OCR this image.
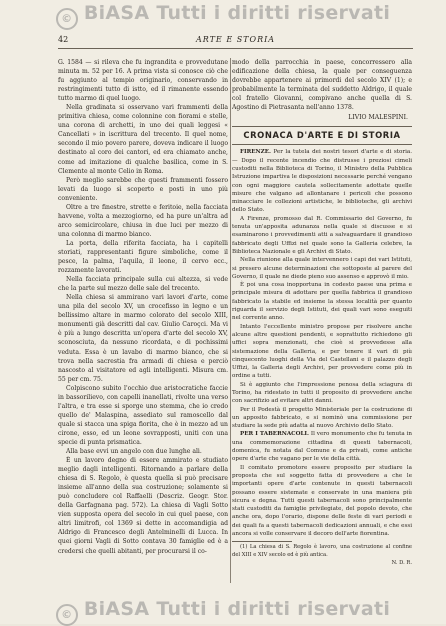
© BiASA Tutti i diritti riservati
42	ARTE E STORIA

G. 1584 — si rileva che fu ingrandita e provvedutane minuta m. 52 per 16. A prima vista si conosce ciò che fu aggiunto al tempio originario, conservando in restringimenti tutto di istto, ed il rimanente essendo tutto marmo di quel luogo.

Nella gradinata si osservano vari frammenti della primitiva chiesa, come colonnine con fiorami e stelle, una corona di archetti, in uno dei quali leggesi « Cancellati » in iscrittura del trecento. Il quel nome, secondo il mio povero parere, doveva indicare il luogo destinato al coro dei cantori, ed era chiamato anche, come ad imitazione di qualche basilica, come in S. Clemente al monte Celio in Roma.

Però meglio sarebbe che questi frammenti fossero levati da luogo sì scoperto e posti in uno più conveniente.

Oltre a tre finestre, strette e feritoie, nella facciata havvene, volta a mezzogiorno, ed ha pure un'altra ad arco semicircolare, chiusa in due luci per mezzo di una colonna di marmo bianco.

La porta, della riferita facciata, ha i capitelli storiati, rappresentanti figure simboliche, come il pesce, la palma, l'aquila, il leone, il cervo ecc., rozzamente lavorati.

Nella facciata principale sulla cui altezza, si vede che la parte sul mezzo delle sale del trecento.

Nella chiesa si ammirano vari lavori d'arte, come una pila del secolo XV, un crocefisso in legno e un bellissimo altare in marmo colorato del secolo XIII, monumenti già descritti dal cav. Giulio Caroçci. Ma vi è più a lungo descritta un'opera d'arte del secolo XV, sconosciuta, da nessuno ricordata, e di pochissimi vedutа. Essa è un lavabo di marmo bianco, che si trova nella sacrestia fra armadi di chiesa e perciò nascosto al visitatore ed agli intelligenti. Misura cm. 55 per cm. 75.

Colpiscono subito l'occhio due aristocratiche faccie in bassorilievo, con capelli inanellati, rivolte una verso l'altra, e tra esse si sporge uno stemma, che io credo quello de' Malaspina, assediato sul ramoscello dal quale si stacca una spiga fiorita, che è in mezzo ad un cirone, esso, ed un leone sovrapposti, uniti con una specie di punta prismatica.

Alla base evvi un angelo con due lunghe ali.

È un lavoro degno di essere ammirato e studiato meglio dagli intelligenti. Ritornando a parlare della chiesa di S. Regolo, è questa quella sì può precisare insieme all'anno della sua costruzione; solamente si può concludere col Raffaelli (Descriz. Geogr. Stor. della Garfagnana pag. 572). La chiesa di Vagli Sotto vien supposta opera del secolo in cui quel paese, con altri limitrofi, col 1369 si dette in accomandigia ad Aldrigo di Francesco degli Antelminelli di Lucca. In quei giorni Vagli di Sotto contava 30 famiglie ed è a credersi che quelli abitanti, per procurarsi il co-

modo della parrocchia in paese, concorressero alla edificazione della chiesa, la quale per conseguenza dovrebbe appartenere ai primordi del secolo XIV (1); e probabilmente la terminata del suddetto Aldrigo, il quale col fratello Giovanni, compivano anche quella di S. Agostino di Pietrasanta nell'anno 1378.

LIVIO MALESPINI.
CRONACA D'ARTE E DI STORIA

FIRENZE. Per la tutela dei nostri tesori d'arte e di storia. — Dopo il recente incendio che distrusse i preziosi cimeli custoditi nella Biblioteca di Torino, il Ministro della Pubblica Istruzione impartiva le disposizioni necessarie perché vengano con ogni maggiore cautela sollecitamente adottate quelle misure che valgano ad allontanare i pericoli che possono minacciare le collezioni artistiche, le biblioteche, gli archivi dello Stato.

A Firenze, promosso dal R. Commissario del Governo, fu tenuta un'apposita adunanza nella quale si discusse e si esaminarono i provvedimenti atti a salvaguardare il grandioso fabbricato degli Uffizi nel quale sono la Galleria celebre, la Biblioteca Nazionale e gli Archivi di Stato.

Nella riunione alla quale intervennero i capi dei vari Istituti, si presero alcune determinazioni che sottoposte al parere del Governo, il quale ne diede pieno suo assenso e approvò il mio.

È poi una cosa inopportuna in codesto paese una prima e principale misura di adottare per quella fabbrica il grandioso fabbricato la stabile ed insieme la stessa località per quanto riguarda il servizio degli Istituti, dei quali vari sono eseguiti nel corrente anno.

Intanto l'eccellente ministro propose per risolvere anche alcune altre questioni pendenti, e soprattutto richiedono gli uffici sopra menzionati, che cioè si provvedesse alla sistemazione della Galleria, e per tenere il vari di più cinquecento luoghi della Via del Castellani e il palazzo degli Uffizi, la Galleria degli Archivi, per provvedere come più in ordine a tutti.

Si è aggiunto che l'impressione penosa della sciagura di Torino, ha ridestato in tutti il proposito di provvedere anche con sacrifizio ad evitare altri danni.

Per il Podestà il progetto Ministeriale per la costruzione di un apposito fabbricato, e si nominò una commissione per studiare la sede più adatta al nuovo Archivio dello Stato.

PER I TABERNACOLI. Il vero monumento che fu tenuta in una commemorazione cittadina di questi tabernacoli, domenica, fu notata dal Comune e da privati, come antiche opere d'arte che vagano per le vie della città.

Il comitato promotore essere proposito per studiare la proposta che sul soggetto fatta di provvedere a che le importanti opere d'arte contenute in questi tabernacoli possano essere sistemate e conservate in una maniera più sicura e degna. Tutti questi tabernacoli sono principalmente stati custoditi da famiglie privilegiate, del popolo devoto, che anche ora, dopo l'orario, dispone delle feste di vari periodi e dei quali fa a questi tabernacoli dedicazioni annuali, e che essi ancora si volle conservare il decoro dell'arte fiorentina.

(1) La chiesa di S. Regolo è lavoro, una costruzione al confine del XIII e XIV secolo ed è più antica.

N. D. R.
© BiASA Tutti i diritti riservati
